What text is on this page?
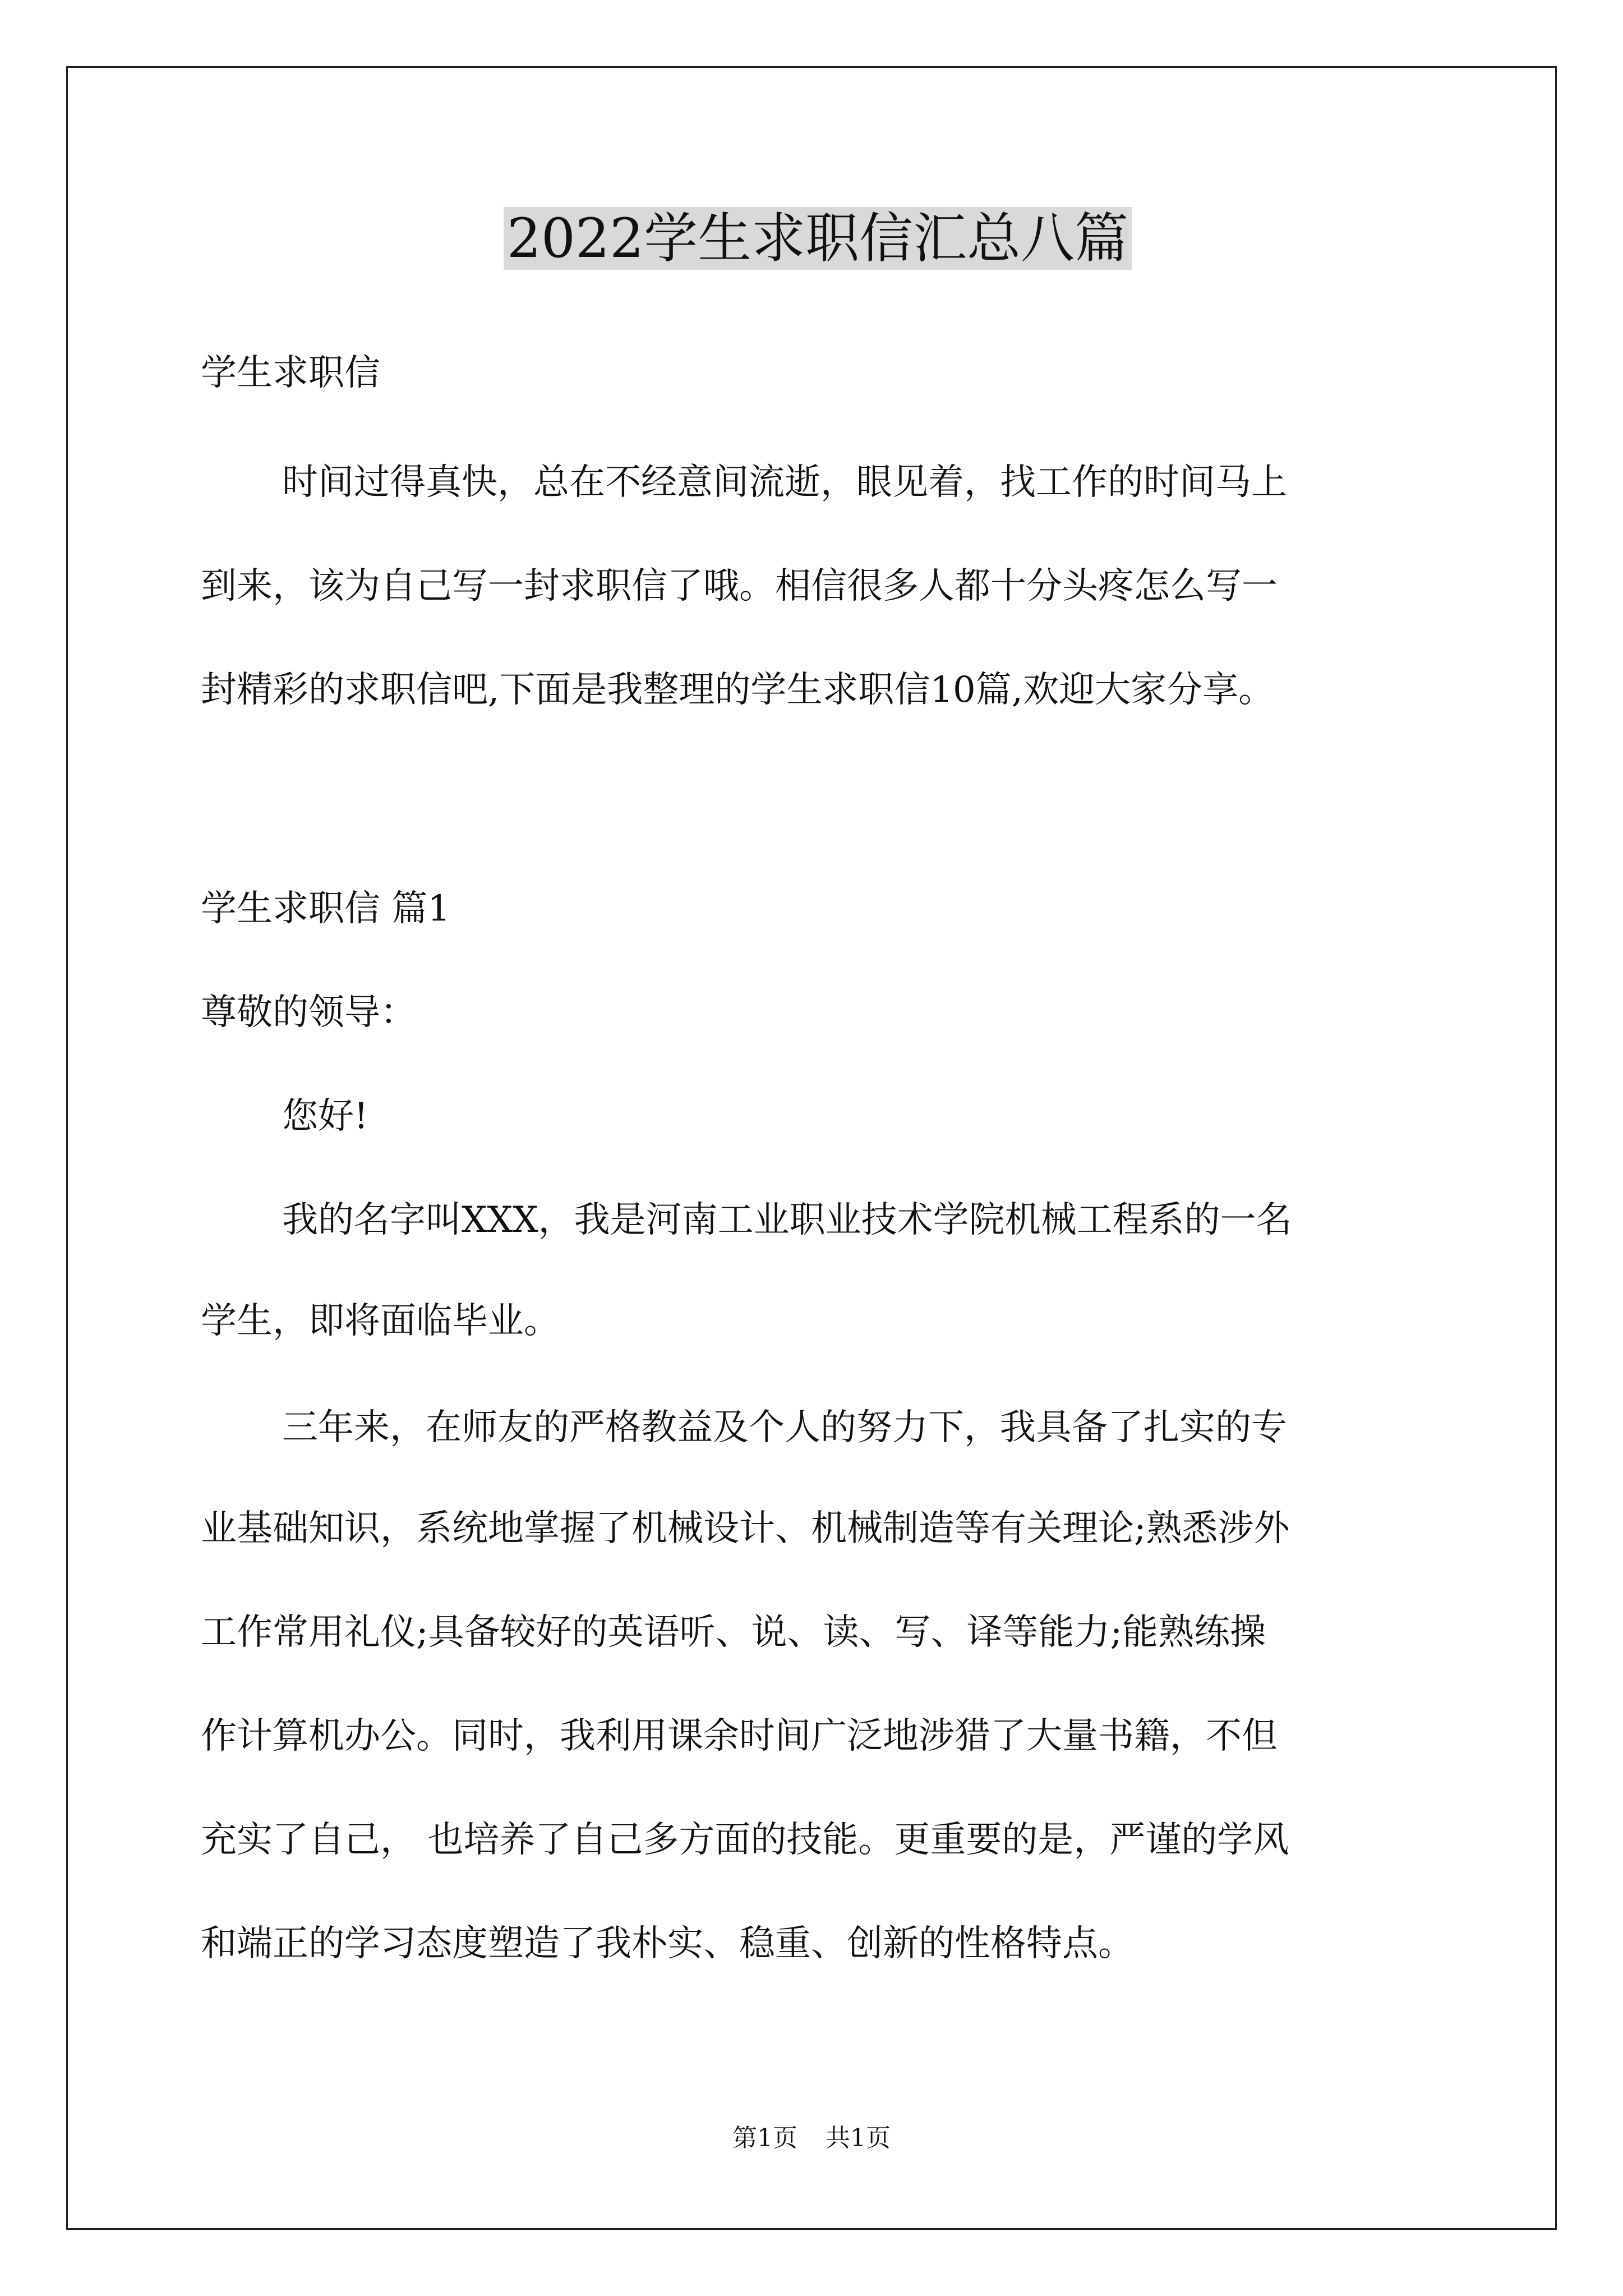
2022学生求职信汇总八篇

学生求职信

时间过得真快，总在不经意间流逝，眼见着，找工作的时间马上

到来，该为自己写一封求职信了哦。相信很多人都十分头疼怎么写一

封精彩的求职信吧,下面是我整理的学生求职信10篇,欢迎大家分享。

学生求职信 篇1

尊敬的领导：

您好!

我的名字叫XXX，我是河南工业职业技术学院机械工程系的一名

学生，即将面临毕业。

三年来，在师友的严格教益及个人的努力下，我具备了扎实的专

业基础知识，系统地掌握了机械设计、机械制造等有关理论;熟悉涉外

工作常用礼仪;具备较好的英语听、说、读、写、译等能力;能熟练操

作计算机办公。同时，我利用课余时间广泛地涉猎了大量书籍，不但

充实了自己， 也培养了自己多方面的技能。更重要的是，严谨的学风

和端正的学习态度塑造了我朴实、稳重、创新的性格特点。

第1页 共1页
